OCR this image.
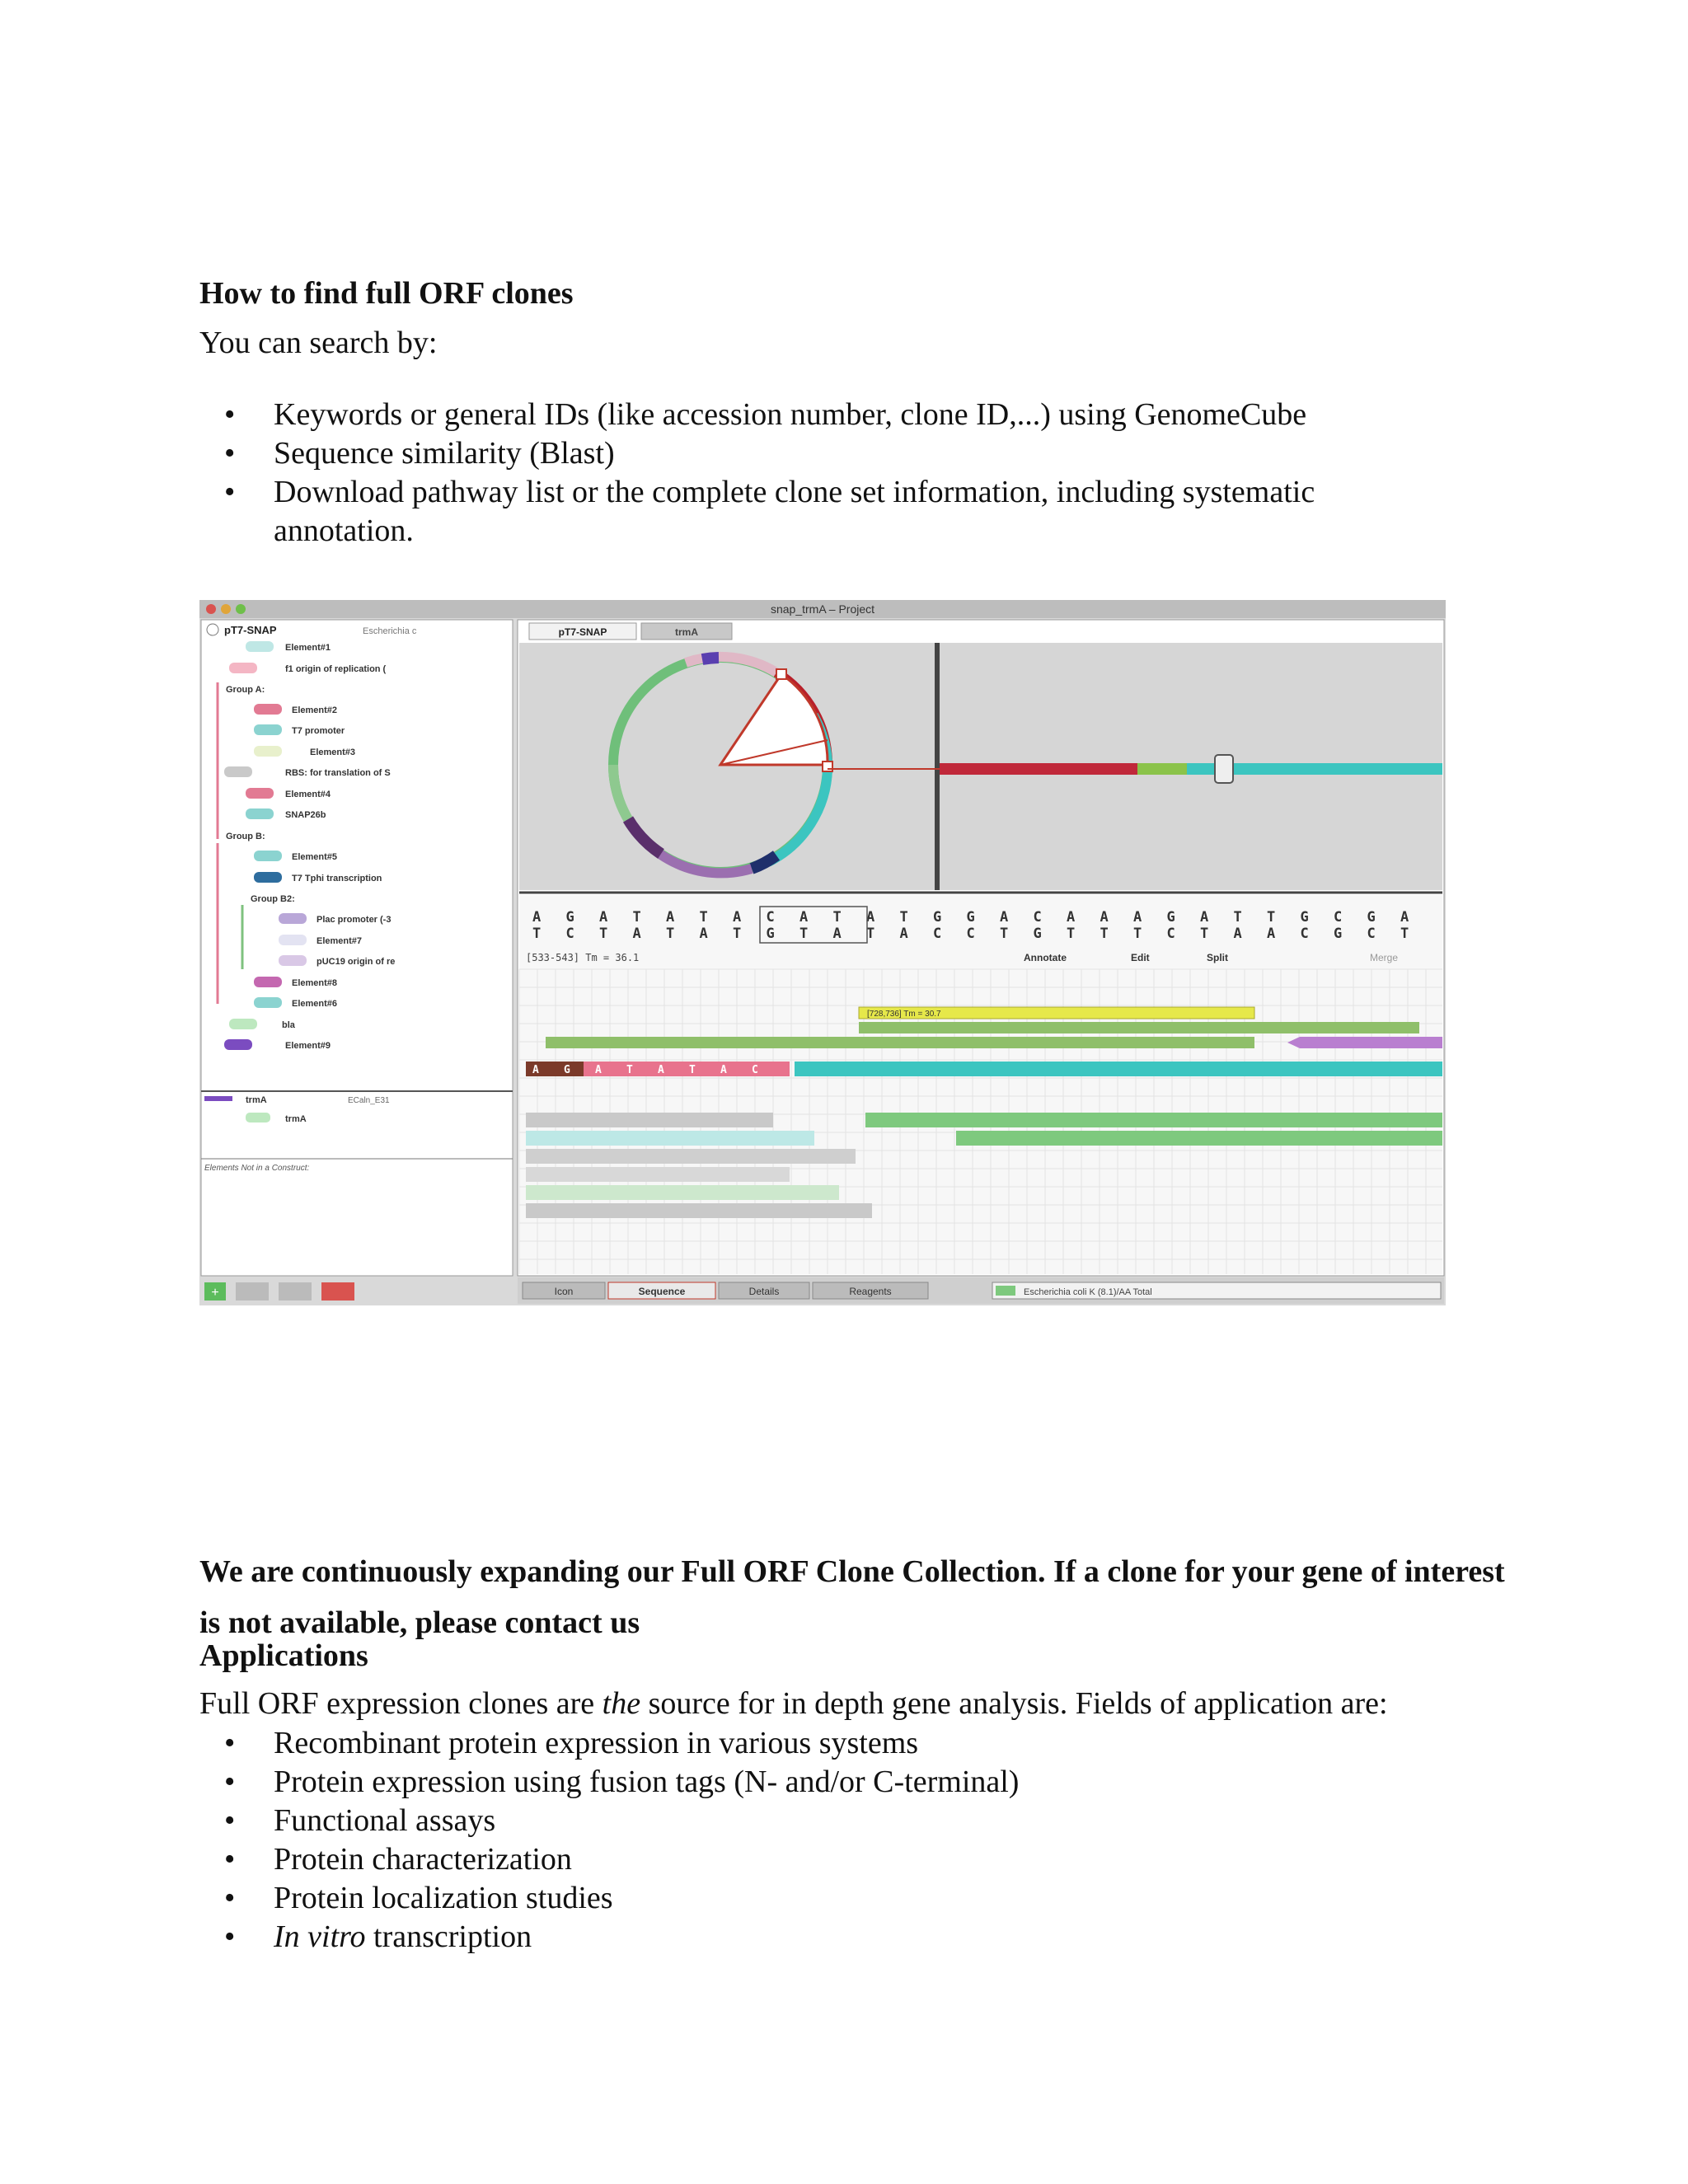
How to find full ORF clones
You can search by:
• Keywords or general IDs (like accession number, clone ID,...) using GenomeCube
• Sequence similarity (Blast)
• Download pathway list or the complete clone set information, including systematic annotation.
snap_trmA – Project
pT7-SNAP	Escherichia c
Element#1
f1 origin of replication (
Group A:
Element#2
T7 promoter
Element#3
RBS: for translation of S
Element#4
SNAP26b
Group B:
Element#5
T7 Tphi transcription
Group B2:
Plac promoter (-3
Element#7
pUC19 origin of re
Element#8
Element#6
bla
Element#9
trmA	ECaln_E31
trmA
Elements Not in a Construct:
+
pT7-SNAP	trmA
A G A T A T A C A T A T G G A C A A A G A T T G C G A
T C T A T A T G T A T A C C T G T T T C T A A C G C T
[533-543] Tm = 36.1	Annotate	Edit	Split	Merge
[728,736] Tm = 30.7
A G A T A T A C
Icon	Sequence	Details	Reagents	Escherichia coli K (8.1)/AA Total
We are continuously expanding our Full ORF Clone Collection. If a clone for your gene of interest is not available, please contact us
Applications
Full ORF expression clones are the source for in depth gene analysis. Fields of application are:
• Recombinant protein expression in various systems
• Protein expression using fusion tags (N- and/or C-terminal)
• Functional assays
• Protein characterization
• Protein localization studies
• In vitro transcription
